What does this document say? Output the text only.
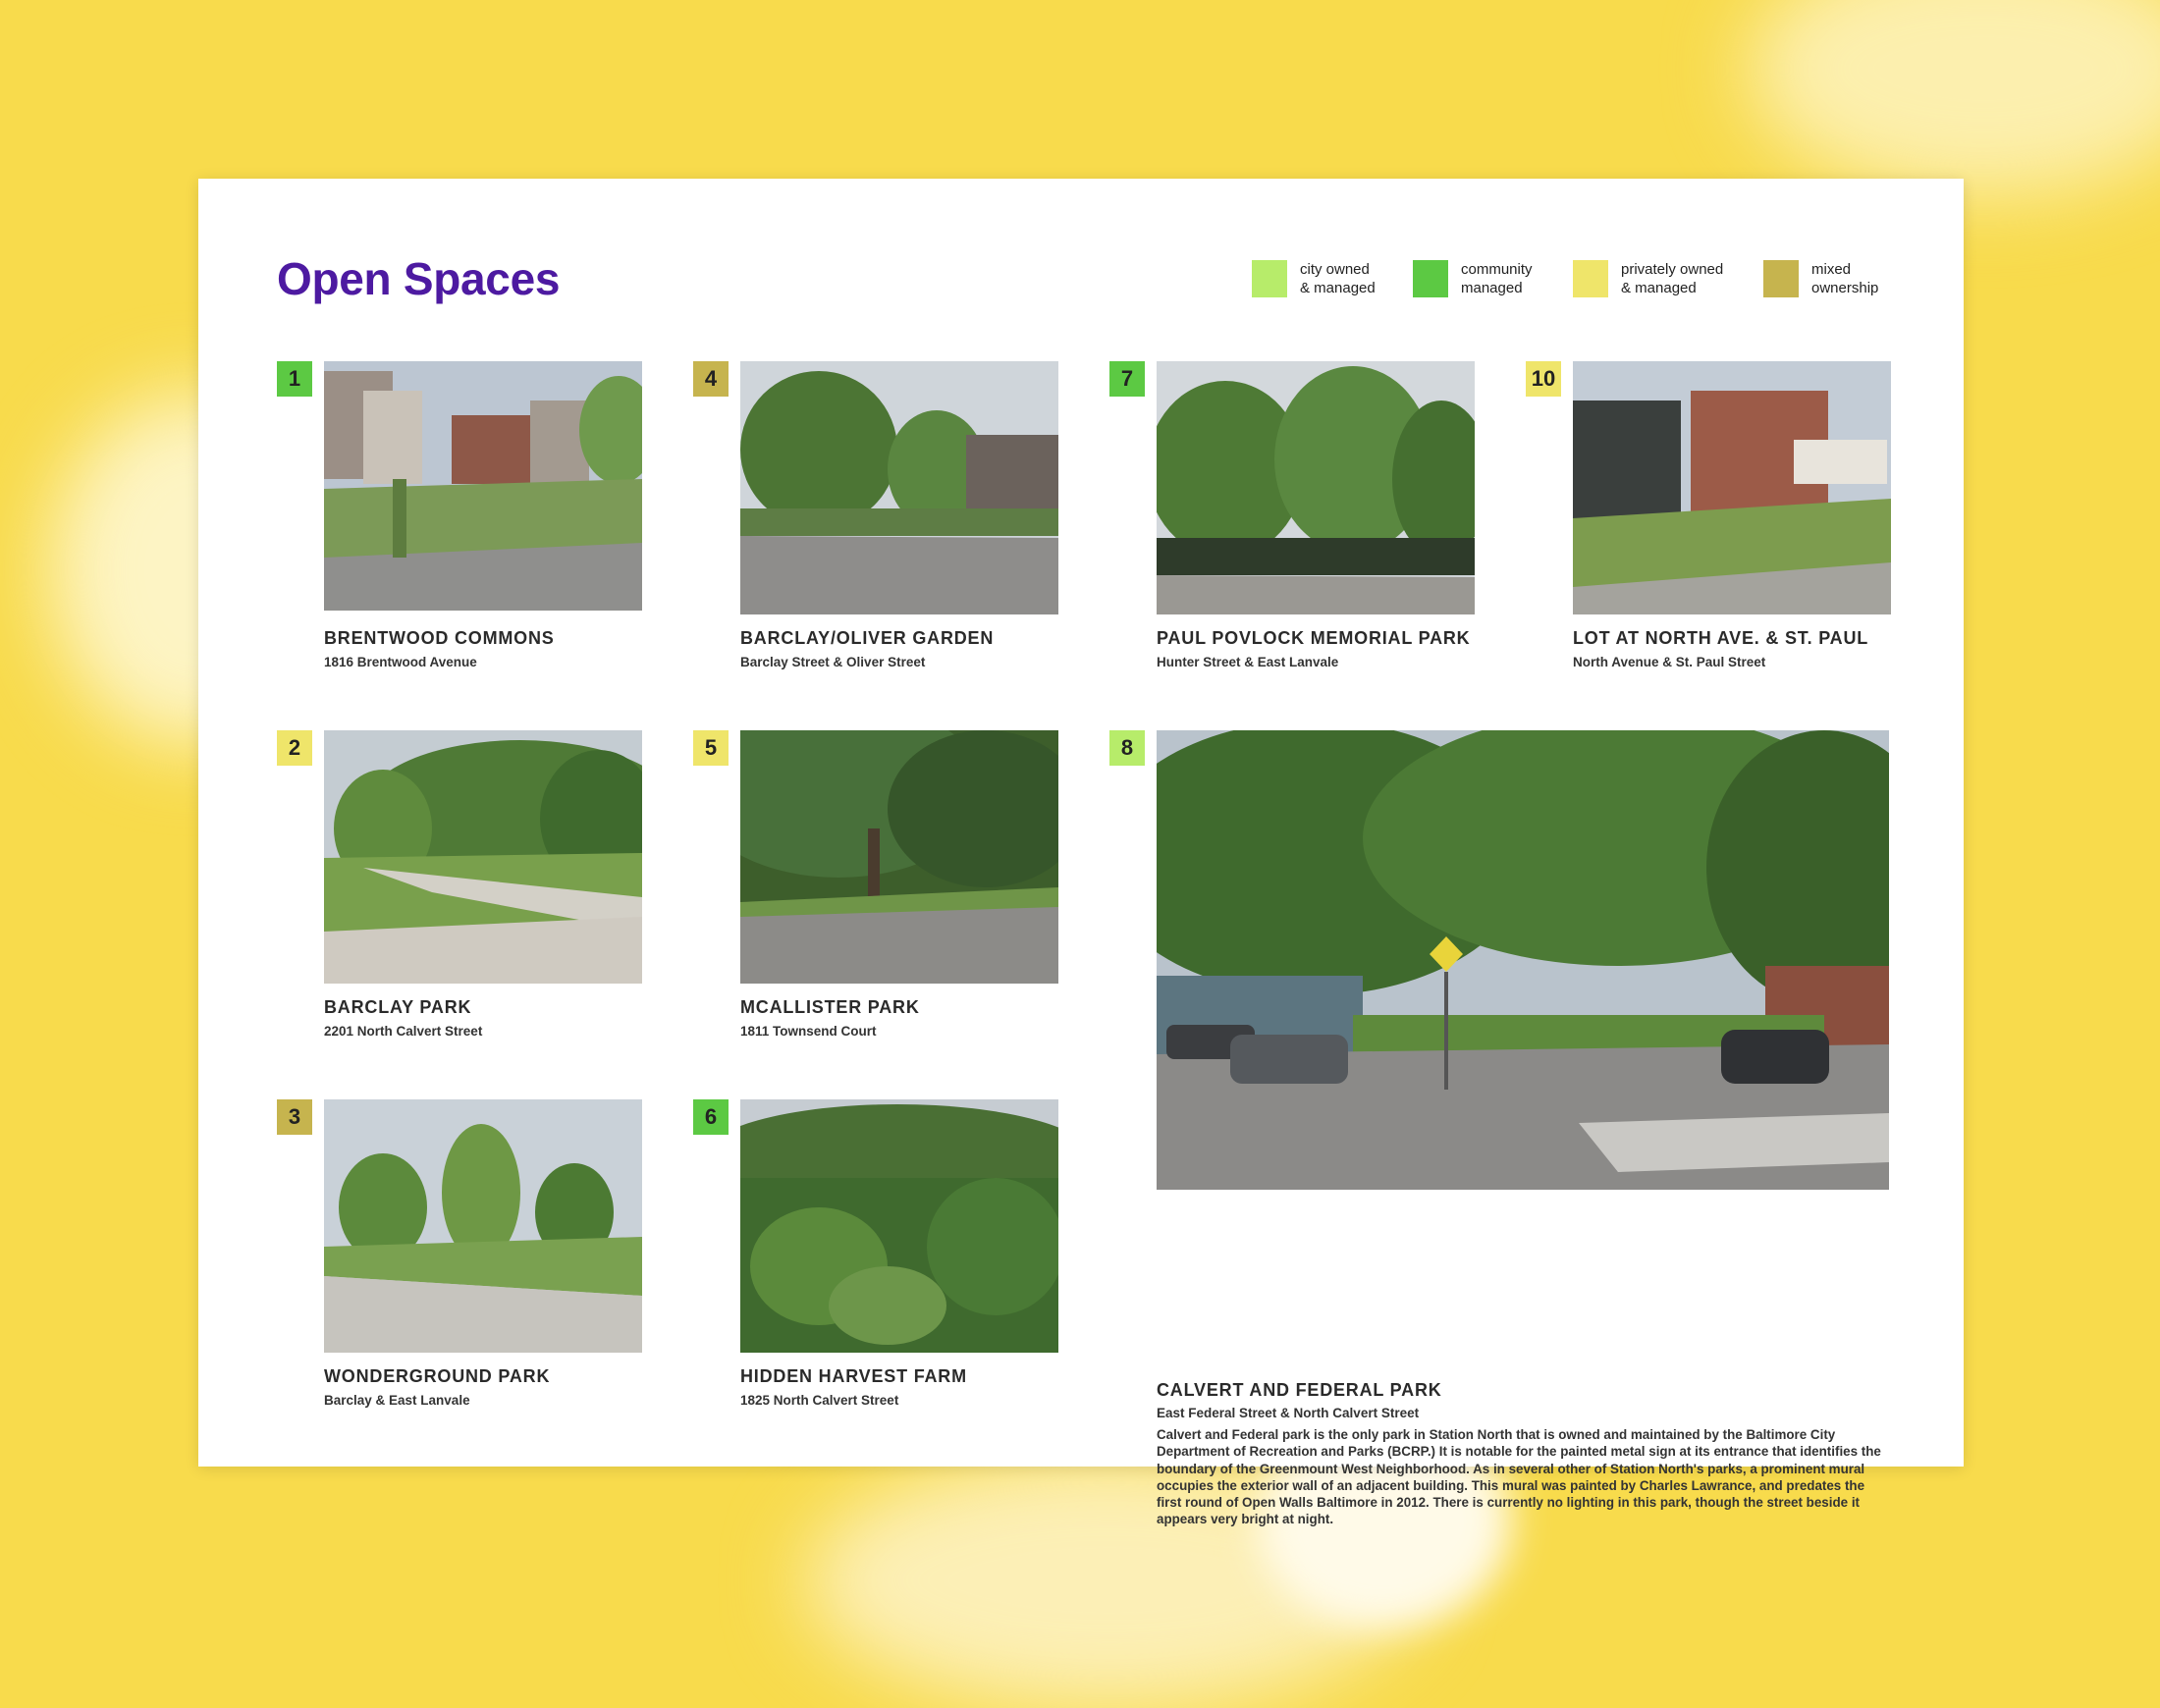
Open Spaces	city owned
& managed
community
managed
privately owned
& managed
mixed
ownership
1
BRENTWOOD COMMONS
1816 Brentwood Avenue
2
BARCLAY PARK
2201 North Calvert Street
3
WONDERGROUND PARK
Barclay & East Lanvale
4
BARCLAY/OLIVER GARDEN
Barclay Street & Oliver Street
5
MCALLISTER PARK
1811 Townsend Court
6
HIDDEN HARVEST FARM
1825 North Calvert Street
7
PAUL POVLOCK MEMORIAL PARK
Hunter Street & East Lanvale
10
LOT AT NORTH AVE. & ST. PAUL
North Avenue & St. Paul Street
8
CALVERT AND FEDERAL PARK
East Federal Street & North Calvert Street

Calvert and Federal park is the only park in Station North that is owned and maintained by the Baltimore City Department of Recreation and Parks (BCRP.) It is notable for the painted metal sign at its entrance that identifies the boundary of the Greenmount West Neighborhood. As in several other of Station North's parks, a prominent mural occupies the exterior wall of an adjacent building. This mural was painted by Charles Lawrance, and predates the first round of Open Walls Baltimore in 2012. There is currently no lighting in this park, though the street beside it appears very bright at night.
